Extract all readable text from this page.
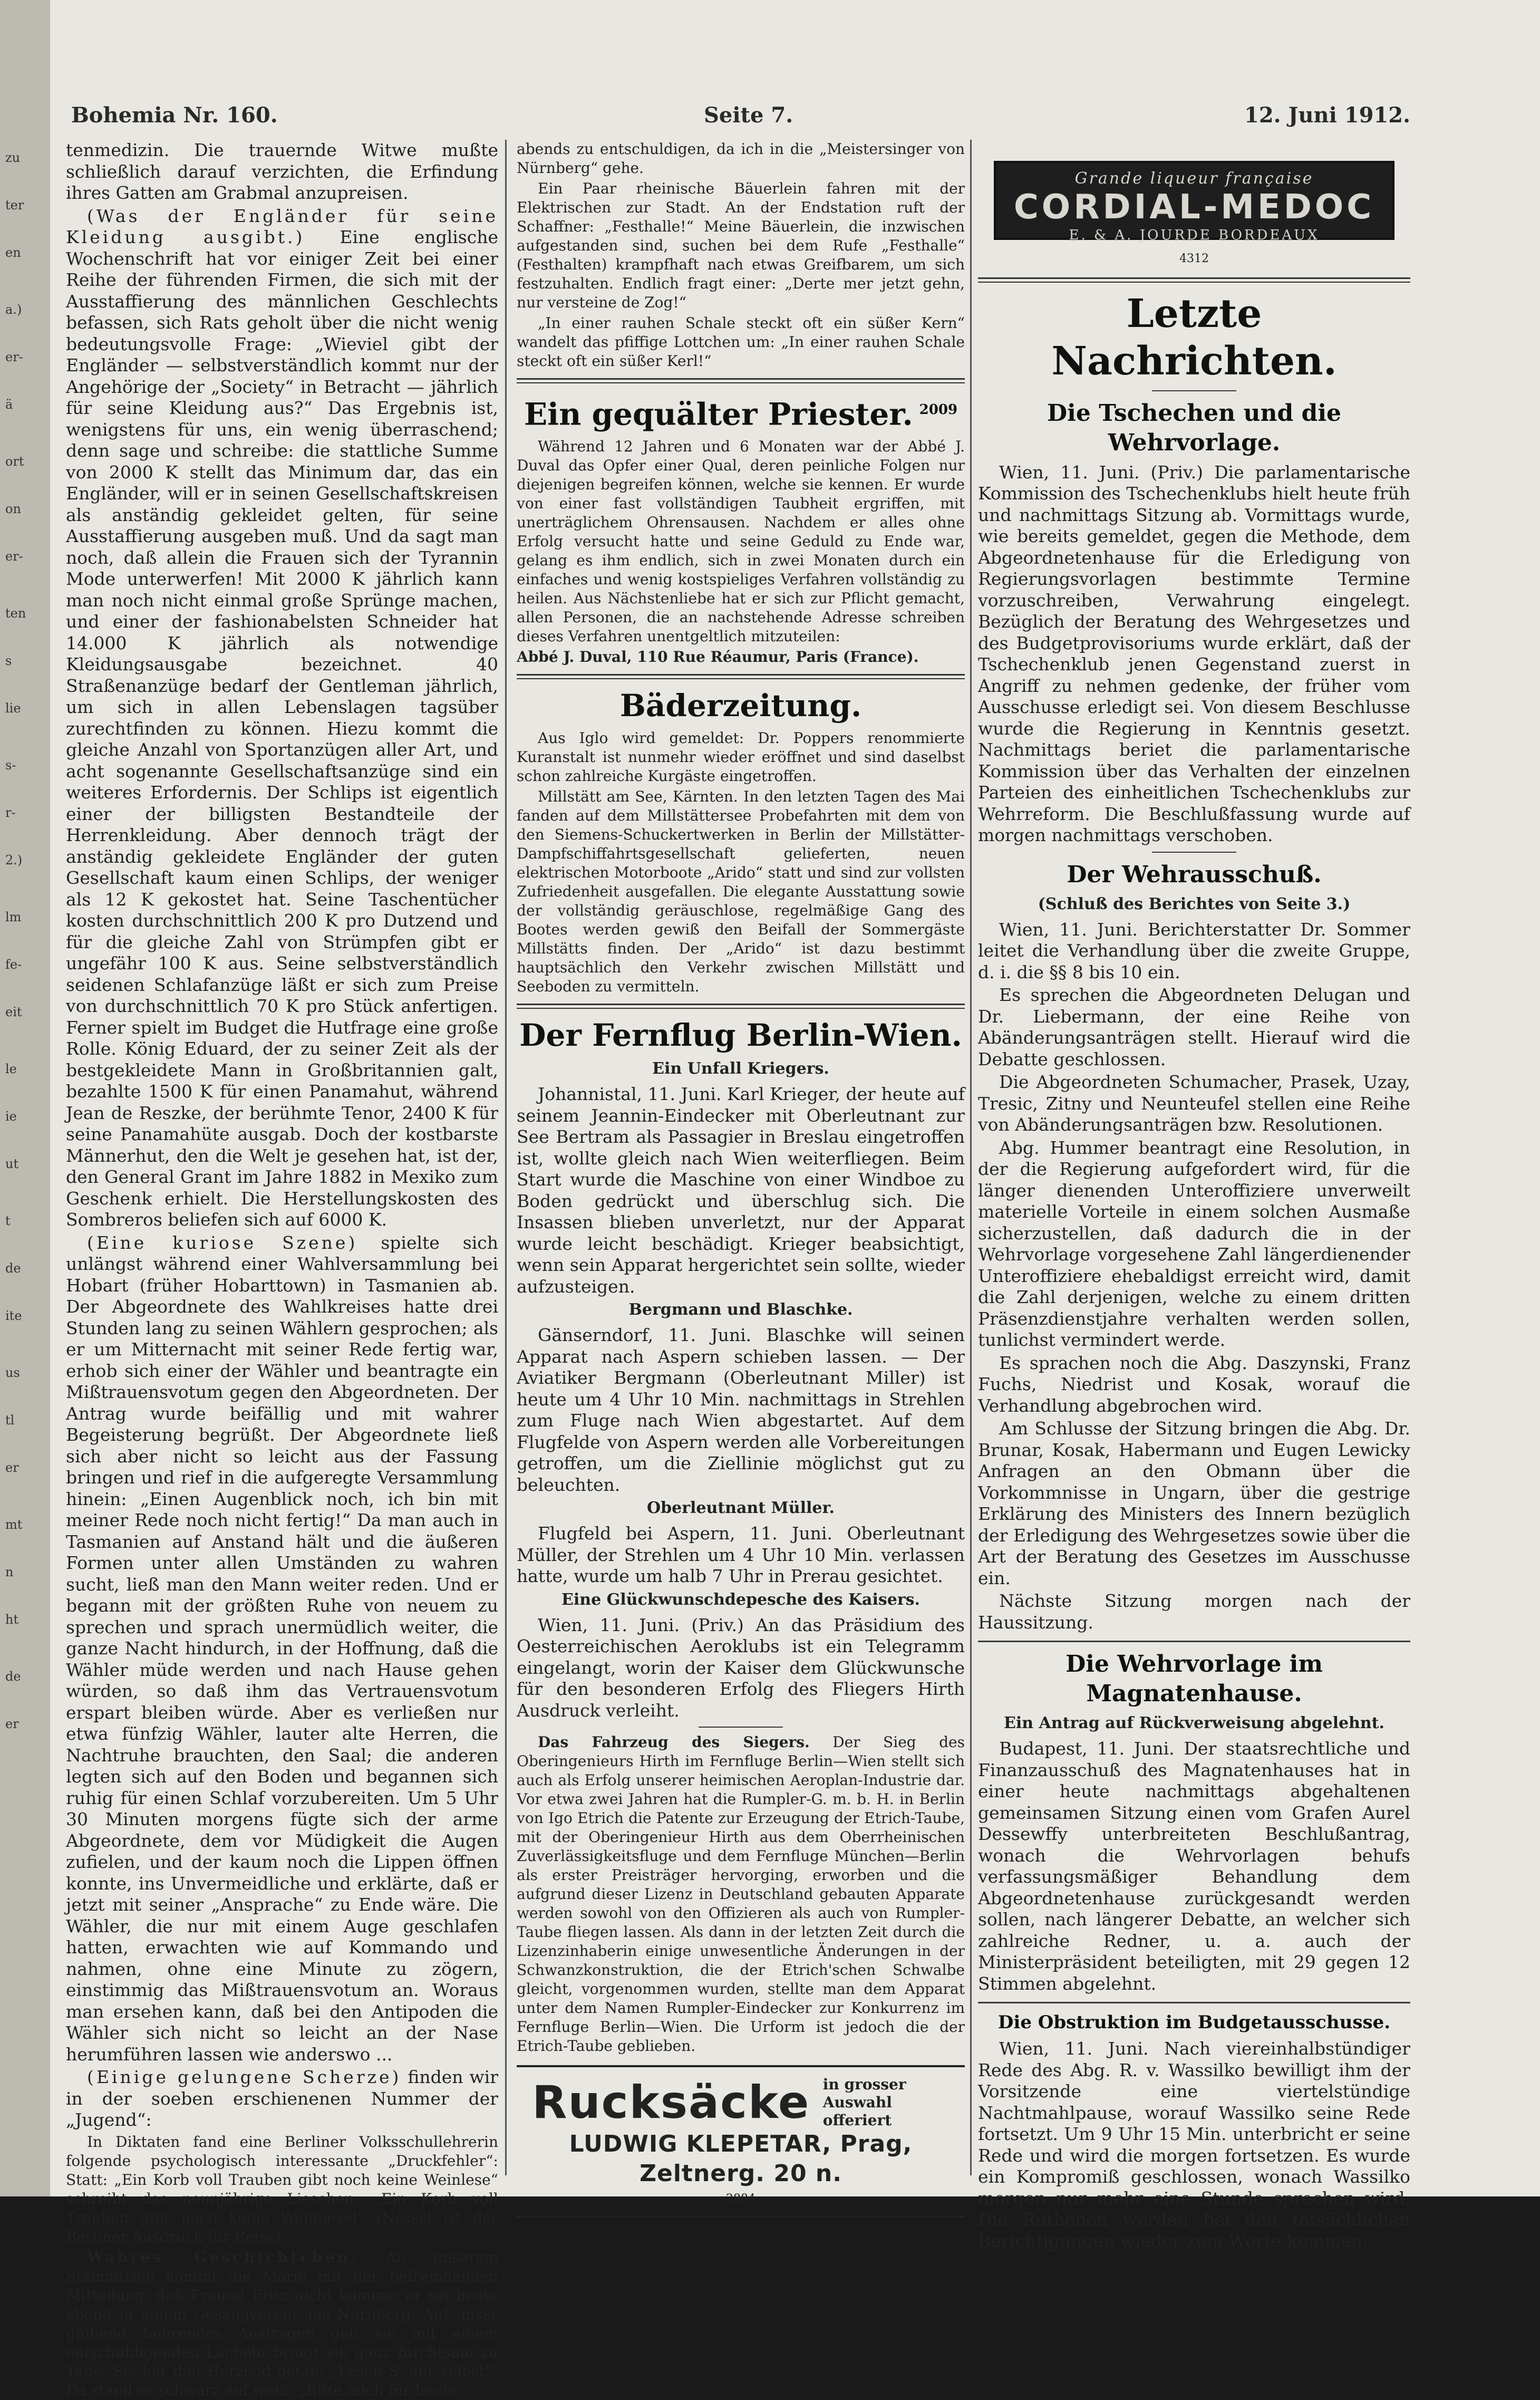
zu
ter
en
a.)
er-
ä
ort
on
er-
ten
s
lie
s-
r-
2.)
lm
fe-
eit
le
ie
ut
t
de
ite
us
tl
er
mt
n
ht
de
er
Bohemia Nr. 160.	Seite 7.	12. Juni 1912.

tenmedizin. Die trauernde Witwe mußte schließlich darauf verzichten, die Erfindung ihres Gatten am Grabmal anzupreisen.

(Was der Engländer für seine Kleidung ausgibt.) Eine englische Wochenschrift hat vor einiger Zeit bei einer Reihe der führenden Firmen, die sich mit der Ausstaffierung des männlichen Geschlechts befassen, sich Rats geholt über die nicht wenig bedeutungsvolle Frage: „Wieviel gibt der Engländer — selbstverständlich kommt nur der Angehörige der „Society“ in Betracht — jährlich für seine Kleidung aus?“ Das Ergebnis ist, wenigstens für uns, ein wenig überraschend; denn sage und schreibe: die stattliche Summe von 2000 K stellt das Minimum dar, das ein Engländer, will er in seinen Gesellschaftskreisen als anständig gekleidet gelten, für seine Ausstaffierung ausgeben muß. Und da sagt man noch, daß allein die Frauen sich der Tyrannin Mode unterwerfen! Mit 2000 K jährlich kann man noch nicht einmal große Sprünge machen, und einer der fashionabelsten Schneider hat 14.000 K jährlich als notwendige Kleidungsausgabe bezeichnet. 40 Straßenanzüge bedarf der Gentleman jährlich, um sich in allen Lebenslagen tagsüber zurechtfinden zu können. Hiezu kommt die gleiche Anzahl von Sportanzügen aller Art, und acht sogenannte Gesellschaftsanzüge sind ein weiteres Erfordernis. Der Schlips ist eigentlich einer der billigsten Bestandteile der Herrenkleidung. Aber dennoch trägt der anständig gekleidete Engländer der guten Gesellschaft kaum einen Schlips, der weniger als 12 K gekostet hat. Seine Taschentücher kosten durchschnittlich 200 K pro Dutzend und für die gleiche Zahl von Strümpfen gibt er ungefähr 100 K aus. Seine selbstverständlich seidenen Schlafanzüge läßt er sich zum Preise von durchschnittlich 70 K pro Stück anfertigen. Ferner spielt im Budget die Hutfrage eine große Rolle. König Eduard, der zu seiner Zeit als der bestgekleidete Mann in Großbritannien galt, bezahlte 1500 K für einen Panamahut, während Jean de Reszke, der berühmte Tenor, 2400 K für seine Panamahüte ausgab. Doch der kostbarste Männerhut, den die Welt je gesehen hat, ist der, den General Grant im Jahre 1882 in Mexiko zum Geschenk erhielt. Die Herstellungskosten des Sombreros beliefen sich auf 6000 K.

(Eine kuriose Szene) spielte sich unlängst während einer Wahlversammlung bei Hobart (früher Hobarttown) in Tasmanien ab. Der Abgeordnete des Wahlkreises hatte drei Stunden lang zu seinen Wählern gesprochen; als er um Mitternacht mit seiner Rede fertig war, erhob sich einer der Wähler und beantragte ein Mißtrauensvotum gegen den Abgeordneten. Der Antrag wurde beifällig und mit wahrer Begeisterung begrüßt. Der Abgeordnete ließ sich aber nicht so leicht aus der Fassung bringen und rief in die aufgeregte Versammlung hinein: „Einen Augenblick noch, ich bin mit meiner Rede noch nicht fertig!“ Da man auch in Tasmanien auf Anstand hält und die äußeren Formen unter allen Umständen zu wahren sucht, ließ man den Mann weiter reden. Und er begann mit der größten Ruhe von neuem zu sprechen und sprach unermüdlich weiter, die ganze Nacht hindurch, in der Hoffnung, daß die Wähler müde werden und nach Hause gehen würden, so daß ihm das Vertrauensvotum erspart bleiben würde. Aber es verließen nur etwa fünfzig Wähler, lauter alte Herren, die Nachtruhe brauchten, den Saal; die anderen legten sich auf den Boden und begannen sich ruhig für einen Schlaf vorzubereiten. Um 5 Uhr 30 Minuten morgens fügte sich der arme Abgeordnete, dem vor Müdigkeit die Augen zufielen, und der kaum noch die Lippen öffnen konnte, ins Unvermeidliche und erklärte, daß er jetzt mit seiner „Ansprache“ zu Ende wäre. Die Wähler, die nur mit einem Auge geschlafen hatten, erwachten wie auf Kommando und nahmen, ohne eine Minute zu zögern, einstimmig das Mißtrauensvotum an. Woraus man ersehen kann, daß bei den Antipoden die Wähler sich nicht so leicht an der Nase herumführen lassen wie anderswo ...

(Einige gelungene Scherze) finden wir in der soeben erschienenen Nummer der „Jugend“:

In Diktaten fand eine Berliner Volksschullehrerin folgende psychologisch interessante „Druckfehler“: Statt: „Ein Korb voll Trauben gibt noch keine Weinlese“ schreibt das neunjährige Lieschen: „Ein Korb voll Trauben gibt noch keine Weinnesel“ (Nessel ist der Berliner Ausdruck für Reise).

Wahres Geschichtchen. An unserem Stammtisch kommt die Marie mit der befremdenden Mitteilung, daß Freund Fritz nicht komme; er sei heute abend in einem Gesangverein aus Nürnberg. Auf unser glühend bohrendes Ausfragen gab sie mit einem entschuldigenden Lächeln bringt sie ganz furchtsam zu Tage: Sie hat ihm Herzleid getan: „Lesen S' nur selbst!“ Da stand es schwarz auf weiß: „Bitte mich für heute

abends zu entschuldigen, da ich in die „Meistersinger von Nürnberg“ gehe.

Ein Paar rheinische Bäuerlein fahren mit der Elektrischen zur Stadt. An der Endstation ruft der Schaffner: „Festhalle!“ Meine Bäuerlein, die inzwischen aufgestanden sind, suchen bei dem Rufe „Festhalle“ (Festhalten) krampfhaft nach etwas Greifbarem, um sich festzuhalten. Endlich fragt einer: „Derte mer jetzt gehn, nur versteine de Zog!“

„In einer rauhen Schale steckt oft ein süßer Kern“ wandelt das pfiffige Lottchen um: „In einer rauhen Schale steckt oft ein süßer Kerl!“

Ein gequälter Priester. $^{2009}$

Während 12 Jahren und 6 Monaten war der Abbé J. Duval das Opfer einer Qual, deren peinliche Folgen nur diejenigen begreifen können, welche sie kennen. Er wurde von einer fast vollständigen Taubheit ergriffen, mit unerträglichem Ohrensausen. Nachdem er alles ohne Erfolg versucht hatte und seine Geduld zu Ende war, gelang es ihm endlich, sich in zwei Monaten durch ein einfaches und wenig kostspieliges Verfahren vollständig zu heilen. Aus Nächstenliebe hat er sich zur Pflicht gemacht, allen Personen, die an nachstehende Adresse schreiben dieses Verfahren unentgeltlich mitzuteilen:

Abbé J. Duval, 110 Rue Réaumur, Paris (France).

Bäderzeitung.

Aus Iglo wird gemeldet: Dr. Poppers renommierte Kuranstalt ist nunmehr wieder eröffnet und sind daselbst schon zahlreiche Kurgäste eingetroffen.

Millstätt am See, Kärnten. In den letzten Tagen des Mai fanden auf dem Millstättersee Probefahrten mit dem von den Siemens-Schuckertwerken in Berlin der Millstätter-Dampfschiffahrtsgesellschaft gelieferten, neuen elektrischen Motorboote „Arido“ statt und sind zur vollsten Zufriedenheit ausgefallen. Die elegante Ausstattung sowie der vollständig geräuschlose, regelmäßige Gang des Bootes werden gewiß den Beifall der Sommergäste Millstätts finden. Der „Arido“ ist dazu bestimmt hauptsächlich den Verkehr zwischen Millstätt und Seeboden zu vermitteln.

Der Fernflug Berlin-Wien.
Ein Unfall Kriegers.

Johannistal, 11. Juni. Karl Krieger, der heute auf seinem Jeannin-Eindecker mit Oberleutnant zur See Bertram als Passagier in Breslau eingetroffen ist, wollte gleich nach Wien weiterfliegen. Beim Start wurde die Maschine von einer Windboe zu Boden gedrückt und überschlug sich. Die Insassen blieben unverletzt, nur der Apparat wurde leicht beschädigt. Krieger beabsichtigt, wenn sein Apparat hergerichtet sein sollte, wieder aufzusteigen.

Bergmann und Blaschke.

Gänserndorf, 11. Juni. Blaschke will seinen Apparat nach Aspern schieben lassen. — Der Aviatiker Bergmann (Oberleutnant Miller) ist heute um 4 Uhr 10 Min. nachmittags in Strehlen zum Fluge nach Wien abgestartet. Auf dem Flugfelde von Aspern werden alle Vorbereitungen getroffen, um die Ziellinie möglichst gut zu beleuchten.

Oberleutnant Müller.

Flugfeld bei Aspern, 11. Juni. Oberleutnant Müller, der Strehlen um 4 Uhr 10 Min. verlassen hatte, wurde um halb 7 Uhr in Prerau gesichtet.

Eine Glückwunschdepesche des Kaisers.

Wien, 11. Juni. (Priv.) An das Präsidium des Oesterreichischen Aeroklubs ist ein Telegramm eingelangt, worin der Kaiser dem Glückwunsche für den besonderen Erfolg des Fliegers Hirth Ausdruck verleiht.

Das Fahrzeug des Siegers. Der Sieg des Oberingenieurs Hirth im Fernfluge Berlin—Wien stellt sich auch als Erfolg unserer heimischen Aeroplan-Industrie dar. Vor etwa zwei Jahren hat die Rumpler-G. m. b. H. in Berlin von Igo Etrich die Patente zur Erzeugung der Etrich-Taube, mit der Oberingenieur Hirth aus dem Oberrheinischen Zuverlässigkeitsfluge und dem Fernfluge München—Berlin als erster Preisträger hervorging, erworben und die aufgrund dieser Lizenz in Deutschland gebauten Apparate werden sowohl von den Offizieren als auch von Rumpler-Taube fliegen lassen. Als dann in der letzten Zeit durch die Lizenzinhaberin einige unwesentliche Änderungen in der Schwanzkonstruktion, die der Etrich'schen Schwalbe gleicht, vorgenommen wurden, stellte man dem Apparat unter dem Namen Rumpler-Eindecker zur Konkurrenz im Fernfluge Berlin—Wien. Die Urform ist jedoch die der Etrich-Taube geblieben.

Rucksäcke in grosser Auswahl offeriert
LUDWIG KLEPETAR, Prag, Zeltnerg. 20 n.
2884
Grande liqueur française
CORDIAL-MEDOC
E. & A. JOURDE BORDEAUX
4312
Letzte Nachrichten.
Die Tschechen und die Wehrvorlage.

Wien, 11. Juni. (Priv.) Die parlamentarische Kommission des Tschechenklubs hielt heute früh und nachmittags Sitzung ab. Vormittags wurde, wie bereits gemeldet, gegen die Methode, dem Abgeordnetenhause für die Erledigung von Regierungsvorlagen bestimmte Termine vorzuschreiben, Verwahrung eingelegt. Bezüglich der Beratung des Wehrgesetzes und des Budgetprovisoriums wurde erklärt, daß der Tschechenklub jenen Gegenstand zuerst in Angriff zu nehmen gedenke, der früher vom Ausschusse erledigt sei. Von diesem Beschlusse wurde die Regierung in Kenntnis gesetzt. Nachmittags beriet die parlamentarische Kommission über das Verhalten der einzelnen Parteien des einheitlichen Tschechenklubs zur Wehrreform. Die Beschlußfassung wurde auf morgen nachmittags verschoben.

Der Wehrausschuß.
(Schluß des Berichtes von Seite 3.)

Wien, 11. Juni. Berichterstatter Dr. Sommer leitet die Verhandlung über die zweite Gruppe, d. i. die §§ 8 bis 10 ein.

Es sprechen die Abgeordneten Delugan und Dr. Liebermann, der eine Reihe von Abänderungsanträgen stellt. Hierauf wird die Debatte geschlossen.

Die Abgeordneten Schumacher, Prasek, Uzay, Tresic, Zitny und Neunteufel stellen eine Reihe von Abänderungsanträgen bzw. Resolutionen.

Abg. Hummer beantragt eine Resolution, in der die Regierung aufgefordert wird, für die länger dienenden Unteroffiziere unverweilt materielle Vorteile in einem solchen Ausmaße sicherzustellen, daß dadurch die in der Wehrvorlage vorgesehene Zahl längerdienender Unteroffiziere ehebaldigst erreicht wird, damit die Zahl derjenigen, welche zu einem dritten Präsenzdienstjahre verhalten werden sollen, tunlichst vermindert werde.

Es sprachen noch die Abg. Daszynski, Franz Fuchs, Niedrist und Kosak, worauf die Verhandlung abgebrochen wird.

Am Schlusse der Sitzung bringen die Abg. Dr. Brunar, Kosak, Habermann und Eugen Lewicky Anfragen an den Obmann über die Vorkommnisse in Ungarn, über die gestrige Erklärung des Ministers des Innern bezüglich der Erledigung des Wehrgesetzes sowie über die Art der Beratung des Gesetzes im Ausschusse ein.

Nächste Sitzung morgen nach der Haussitzung.

Die Wehrvorlage im Magnatenhause.
Ein Antrag auf Rückverweisung abgelehnt.

Budapest, 11. Juni. Der staatsrechtliche und Finanzausschuß des Magnatenhauses hat in einer heute nachmittags abgehaltenen gemeinsamen Sitzung einen vom Grafen Aurel Dessewffy unterbreiteten Beschlußantrag, wonach die Wehrvorlagen behufs verfassungsmäßiger Behandlung dem Abgeordnetenhause zurückgesandt werden sollen, nach längerer Debatte, an welcher sich zahlreiche Redner, u. a. auch der Ministerpräsident beteiligten, mit 29 gegen 12 Stimmen abgelehnt.

Die Obstruktion im Budgetausschusse.

Wien, 11. Juni. Nach viereinhalbstündiger Rede des Abg. R. v. Wassilko bewilligt ihm der Vorsitzende eine viertelstündige Nachtmahlpause, worauf Wassilko seine Rede fortsetzt. Um 9 Uhr 15 Min. unterbricht er seine Rede und wird die morgen fortsetzen. Es wurde ein Kompromiß geschlossen, wonach Wassilko morgen nur mehr eine Stunde sprechen wird. Die Ruthenen werden bei den tatsächlichen Berichtigungen wieder zum Worte kommen.
